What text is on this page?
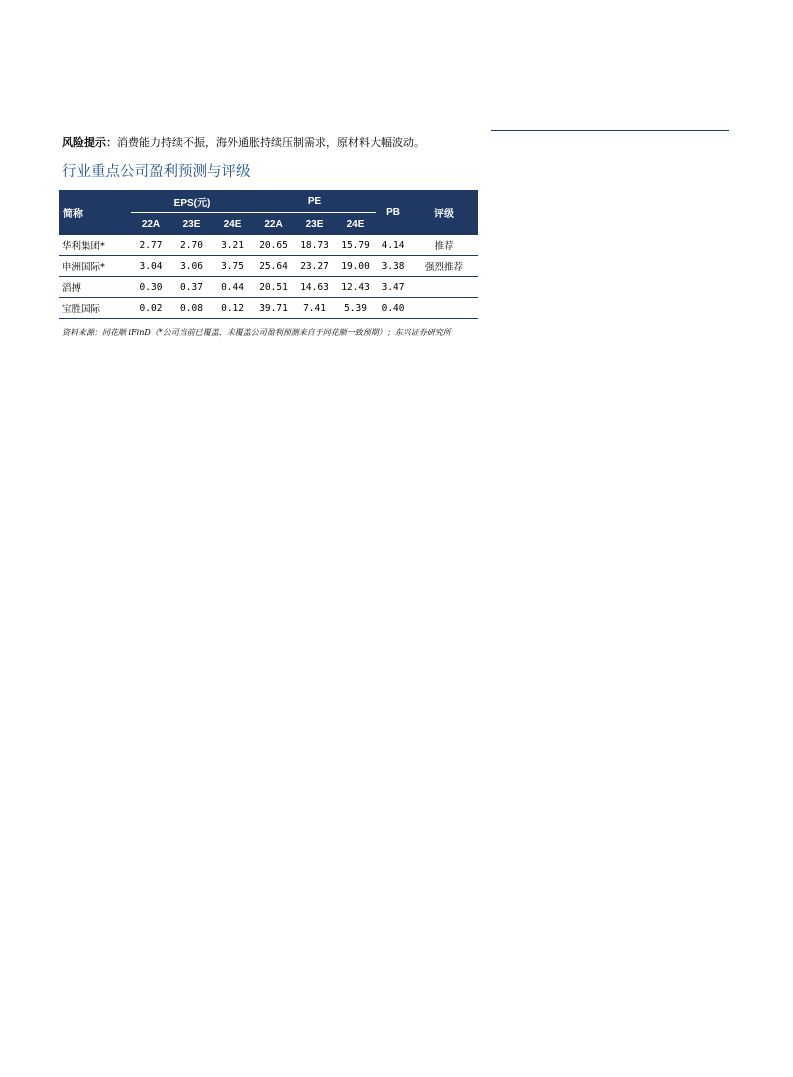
风险提示：消费能力持续不振，海外通胀持续压制需求，原材料大幅波动。
行业重点公司盈利预测与评级
简称	EPS(元)			PE			PB	评级
	22A	23E	24E	22A	23E	24E		
华利集团*	2.77	2.70	3.21	20.65	18.73	15.79	4.14	推荐
申洲国际*	3.04	3.06	3.75	25.64	23.27	19.00	3.38	强烈推荐
滔搏	0.30	0.37	0.44	20.51	14.63	12.43	3.47	
宝胜国际	0.02	0.08	0.12	39.71	7.41	5.39	0.40	
资料来源：同花顺 iFinD（*公司当前已覆盖，未覆盖公司盈利预测来自于同花顺一致预期）；东兴证券研究所
